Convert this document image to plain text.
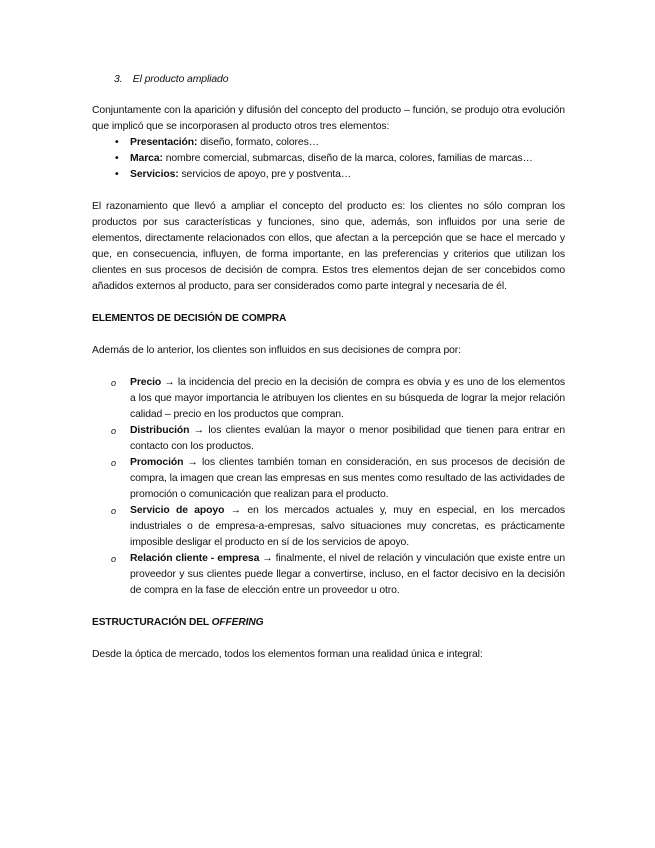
3. El producto ampliado

Conjuntamente con la aparición y difusión del concepto del producto – función, se produjo otra evolución que implicó que se incorporasen al producto otros tres elementos:

• Presentación: diseño, formato, colores…
• Marca: nombre comercial, submarcas, diseño de la marca, colores, familias de marcas…
• Servicios: servicios de apoyo, pre y postventa…

El razonamiento que llevó a ampliar el concepto del producto es: los clientes no sólo compran los productos por sus características y funciones, sino que, además, son influidos por una serie de elementos, directamente relacionados con ellos, que afectan a la percepción que se hace el mercado y que, en consecuencia, influyen, de forma importante, en las preferencias y criterios que utilizan los clientes en sus procesos de decisión de compra. Estos tres elementos dejan de ser concebidos como añadidos externos al producto, para ser considerados como parte integral y necesaria de él.

ELEMENTOS DE DECISIÓN DE COMPRA

Además de lo anterior, los clientes son influidos en sus decisiones de compra por:

o Precio → la incidencia del precio en la decisión de compra es obvia y es uno de los elementos a los que mayor importancia le atribuyen los clientes en su búsqueda de lograr la mejor relación calidad – precio en los productos que compran.
o Distribución → los clientes evalúan la mayor o menor posibilidad que tienen para entrar en contacto con los productos.
o Promoción → los clientes también toman en consideración, en sus procesos de decisión de compra, la imagen que crean las empresas en sus mentes como resultado de las actividades de promoción o comunicación que realizan para el producto.
o Servicio de apoyo → en los mercados actuales y, muy en especial, en los mercados industriales o de empresa-a-empresas, salvo situaciones muy concretas, es prácticamente imposible desligar el producto en sí de los servicios de apoyo.
o Relación cliente - empresa → finalmente, el nivel de relación y vinculación que existe entre un proveedor y sus clientes puede llegar a convertirse, incluso, en el factor decisivo en la decisión de compra en la fase de elección entre un proveedor u otro.
ESTRUCTURACIÓN DEL OFFERING

Desde la óptica de mercado, todos los elementos forman una realidad única e integral:
